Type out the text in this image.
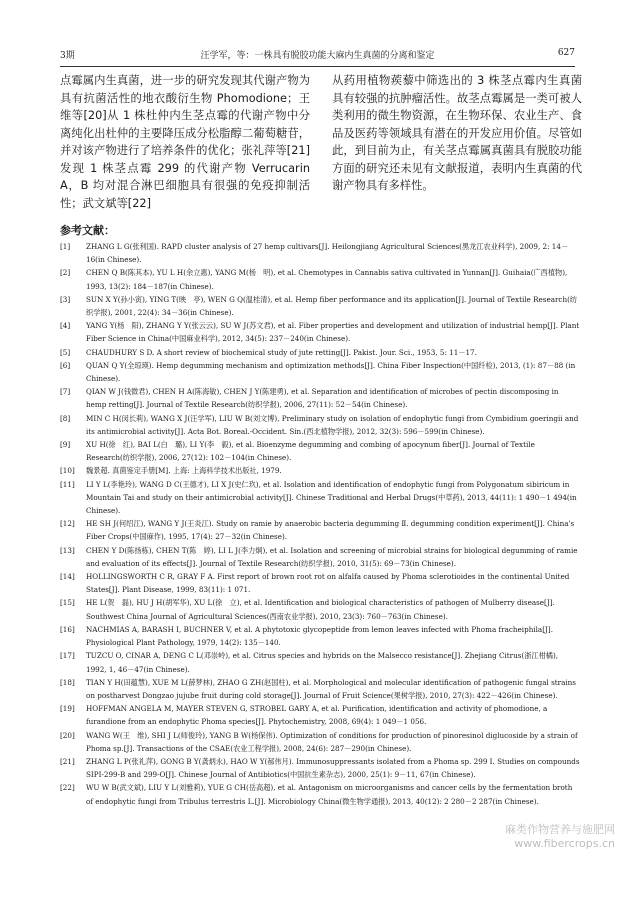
3期	汪学军，等：一株具有脱胶功能大麻内生真菌的分离和鉴定	627
点霉属内生真菌，进一步的研究发现其代谢产物为具有抗菌活性的地衣酸衍生物 Phomodione；王维等[20]从 1 株杜仲内生茎点霉的代谢产物中分离纯化出杜仲的主要降压成分松脂醇二葡萄糖苷，并对该产物进行了培养条件的优化；张礼萍等[21]发现 1 株茎点霉 299 的代谢产物 Verrucarin A，B 均对混合淋巴细胞具有很强的免疫抑制活性；武文斌等[22]
从药用植物蒺藜中筛选出的 3 株茎点霉内生真菌具有较强的抗肿瘤活性。故茎点霉属是一类可被人类利用的微生物资源，在生物环保、农业生产、食品及医药等领域具有潜在的开发应用价值。尽管如此，到目前为止，有关茎点霉属真菌具有脱胶功能方面的研究还未见有文献报道，表明内生真菌的代谢产物具有多样性。
参考文献：
[1] ZHANG L G(张利国). RAPD cluster analysis of 27 hemp cultivars[J]. Heilongjiang Agricultural Sciences(黑龙江农业科学), 2009, 2: 14－16(in Chinese).
[2] CHEN Q B(陈其本), YU L H(余立惠), YANG M(杨　明), et al. Chemotypes in Cannabis sativa cultivated in Yunnan[J]. Guihaia(广西植物), 1993, 13(2): 184－187(in Chinese).
[3] SUN X Y(孙小寅), YING T(映　亭), WEN G Q(温桂清), et al. Hemp fiber performance and its application[J]. Journal of Textile Research(纺织学报), 2001, 22(4): 34－36(in Chinese).
[4] YANG Y(杨　阳), ZHANG Y Y(张云云), SU W J(苏文君), et al. Fiber properties and development and utilization of industrial hemp[J]. Plant Fiber Science in China(中国麻业科学), 2012, 34(5): 237－240(in Chinese).
[5] CHAUDHURY S D. A short review of biochemical study of jute retting[J]. Pakist. Jour. Sci., 1953, 5: 11－17.
[6] QUAN Q Y(全琼瑛). Hemp degumming mechanism and optimization methods[J]. China Fiber Inspection(中国纤检), 2013, (1): 87－88 (in Chinese).
[7] QIAN W J(钱微君), CHEN H A(陈海敏), CHEN J Y(陈建勇), et al. Separation and identification of microbes of pectin discomposing in hemp retting[J]. Journal of Textile Research(纺织学报), 2006, 27(11): 52－54(in Chinese).
[8] MIN C H(闵长莉), WANG X J(汪学军), LIU W B(刘文博), Preliminary study on isolation of endophytic fungi from Cymbidium goeringii and its antimicrobial activity[J]. Acta Bot. Boreal.-Occident. Sin.(西北植物学报), 2012, 32(3): 596－599(in Chinese).
[9] XU H(徐　红), BAI L(白　璐), LI Y(李　毅), et al. Bioenzyme degumming and combing of apocynum fiber[J]. Journal of Textile Research(纺织学报), 2006, 27(12): 102－104(in Chinese).
[10] 魏景超. 真菌鉴定手册[M]. 上海: 上海科学技术出版社, 1979.
[11] LI Y L(李艳玲), WANG D C(王德才), LI X J(史仁玖), et al. Isolation and identification of endophytic fungi from Polygonatum sibiricum in Mountain Tai and study on their antimicrobial activity[J]. Chinese Traditional and Herbal Drugs(中草药), 2013, 44(11): 1 490－1 494(in Chinese).
[12] HE SH J(何绍江), WANG Y J(王炎江). Study on ramie by anaerobic bacteria degumming Ⅱ. degumming condition experiment[J]. China's Fiber Crops(中国麻作), 1995, 17(4): 27－32(in Chinese).
[13] CHEN Y D(陈扬栋), CHEN T(陈　婷), LI L J(李力炯), et al. Isolation and screening of microbial strains for biological degumming of ramie and evaluation of its effects[J]. Journal of Textile Research(纺织学报), 2010, 31(5): 69－73(in Chinese).
[14] HOLLINGSWORTH C R, GRAY F A. First report of brown root rot on alfalfa caused by Phoma sclerotioides in the continental United States[J]. Plant Disease, 1999, 83(11): 1 071.
[15] HE L(贺　磊), HU J H(胡军华), XU L(徐　立), et al. Identification and biological characteristics of pathogen of Mulberry disease[J]. Southwest China Journal of Agricultural Sciences(西南农业学报), 2010, 23(3): 760－763(in Chinese).
[16] NACHMIAS A, BARASH I, BUCHNER V, et al. A phytotoxic glycopeptide from lemon leaves infected with Phoma fracheiphila[J]. Physiological Plant Pathology, 1979, 14(2): 135－140.
[17] TUZCU O, CINAR A, DENG C L(邓崇岭), et al. Citrus species and hybrids on the Malsecco resistance[J]. Zhejiang Citrus(浙江柑橘), 1992, 1, 46－47(in Chinese).
[18] TIAN Y H(田蕴慧), XUE M L(薛梦林), ZHAO G ZH(赵国柱), et al. Morphological and molecular identification of pathogenic fungal strains on postharvest Dongzao jujube fruit during cold storage[J]. Journal of Fruit Science(果树学报), 2010, 27(3): 422－426(in Chinese).
[19] HOFFMAN ANGELA M, MAYER STEVEN G, STROBEL GARY A, et al. Purification, identification and activity of phomodione, a furandione from an endophytic Phoma species[J]. Phytochemistry, 2008, 69(4): 1 049－1 056.
[20] WANG W(王　维), SHI J L(师俊玲), YANG B W(杨保伟). Optimization of conditions for production of pinoresinol diglucoside by a strain of Phoma sp.[J]. Transactions of the CSAE(农业工程学报), 2008, 24(6): 287－290(in Chinese).
[21] ZHANG L P(张礼萍), GONG B Y(龚炳永), HAO W Y(郝伟月). Immunosuppressants isolated from a Phoma sp. 299 Ⅰ. Studies on compounds SIPI-299-B and 299-O[J]. Chinese Journal of Antibiotics(中国抗生素杂志), 2000, 25(1): 9－11, 67(in Chinese).
[22] WU W B(武文斌), LIU Y L(刘雅莉), YUE G CH(岳高超), et al. Antagonism on microorganisms and cancer cells by the fermentation broth of endophytic fungi from Tribulus terrestris L.[J]. Microbiology China(微生物学通报), 2013, 40(12): 2 280－2 287(in Chinese).
麻类作物营养与施肥网
www.fibercrops.cn
